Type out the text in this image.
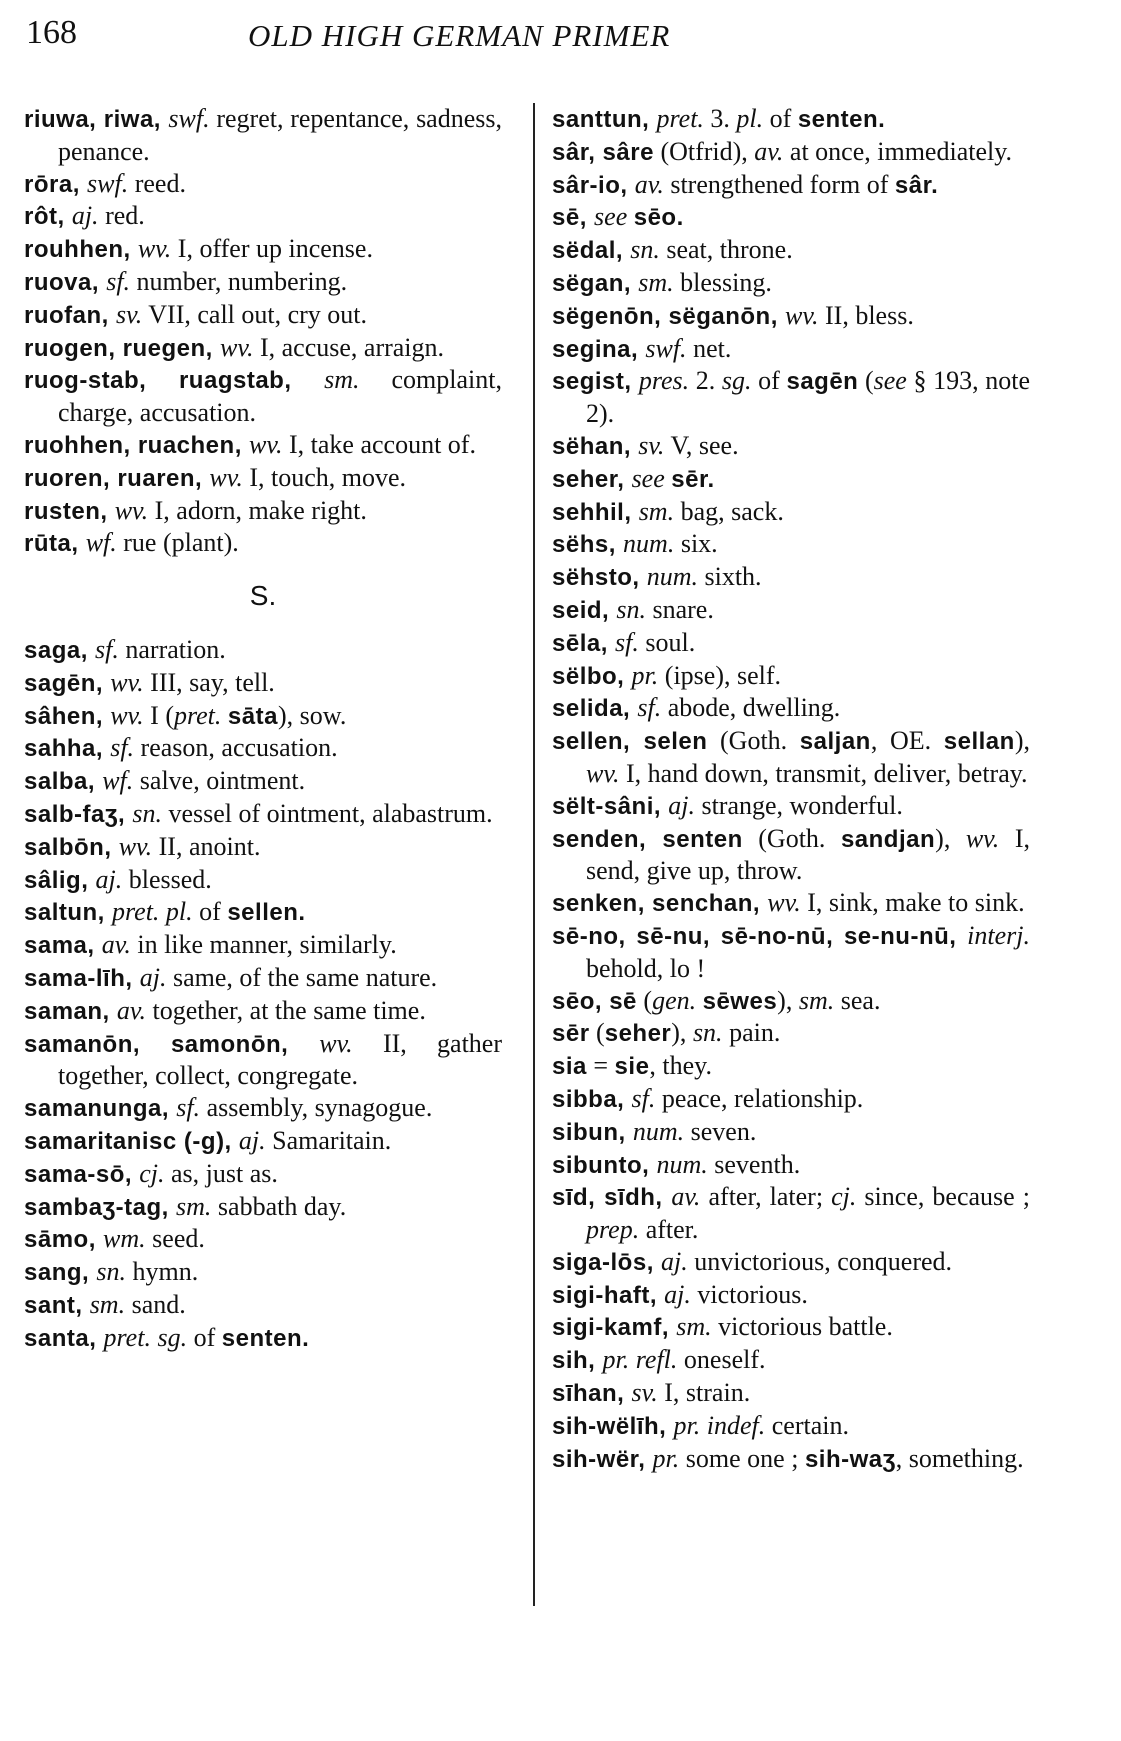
168	OLD HIGH GERMAN PRIMER
riuwa, riwa, swf. regret, repentance, sadness, penance.
rōra, swf. reed.
rôt, aj. red.
rouhhen, wv. I, offer up incense.
ruova, sf. number, numbering.
ruofan, sv. VII, call out, cry out.
ruogen, ruegen, wv. I, accuse, arraign.
ruog-stab, ruagstab, sm. complaint, charge, accusation.
ruohhen, ruachen, wv. I, take account of.
ruoren, ruaren, wv. I, touch, move.
rusten, wv. I, adorn, make right.
rūta, wf. rue (plant).
S.
saga, sf. narration.
sagēn, wv. III, say, tell.
sâhen, wv. I (pret. sāta), sow.
sahha, sf. reason, accusation.
salba, wf. salve, ointment.
salb-faʒ, sn. vessel of ointment, alabastrum.
salbōn, wv. II, anoint.
sâlig, aj. blessed.
saltun, pret. pl. of sellen.
sama, av. in like manner, similarly.
sama-līh, aj. same, of the same nature.
saman, av. together, at the same time.
samanōn, samonōn, wv. II, gather together, collect, congregate.
samanunga, sf. assembly, synagogue.
samaritanisc (-g), aj. Samaritain.
sama-sō, cj. as, just as.
sambaʒ-tag, sm. sabbath day.
sāmo, wm. seed.
sang, sn. hymn.
sant, sm. sand.
santa, pret. sg. of senten.
santtun, pret. 3. pl. of senten.
sâr, sâre (Otfrid), av. at once, immediately.
sâr-io, av. strengthened form of sâr.
sē, see sēo.
sëdal, sn. seat, throne.
sëgan, sm. blessing.
sëgenōn, sëganōn, wv. II, bless.
segina, swf. net.
segist, pres. 2. sg. of sagēn (see § 193, note 2).
sëhan, sv. V, see.
seher, see sēr.
sehhil, sm. bag, sack.
sëhs, num. six.
sëhsto, num. sixth.
seid, sn. snare.
sēla, sf. soul.
sëlbo, pr. (ipse), self.
selida, sf. abode, dwelling.
sellen, selen (Goth. saljan, OE. sellan), wv. I, hand down, transmit, deliver, betray.
sëlt-sâni, aj. strange, wonderful.
senden, senten (Goth. sandjan), wv. I, send, give up, throw.
senken, senchan, wv. I, sink, make to sink.
sē-no, sē-nu, sē-no-nū, se-nu-nū, interj. behold, lo !
sēo, sē (gen. sēwes), sm. sea.
sēr (seher), sn. pain.
sia = sie, they.
sibba, sf. peace, relationship.
sibun, num. seven.
sibunto, num. seventh.
sīd, sīdh, av. after, later; cj. since, because ; prep. after.
siga-lōs, aj. unvictorious, conquered.
sigi-haft, aj. victorious.
sigi-kamf, sm. victorious battle.
sih, pr. refl. oneself.
sīhan, sv. I, strain.
sih-wëlīh, pr. indef. certain.
sih-wër, pr. some one ; sih-waʒ, something.
